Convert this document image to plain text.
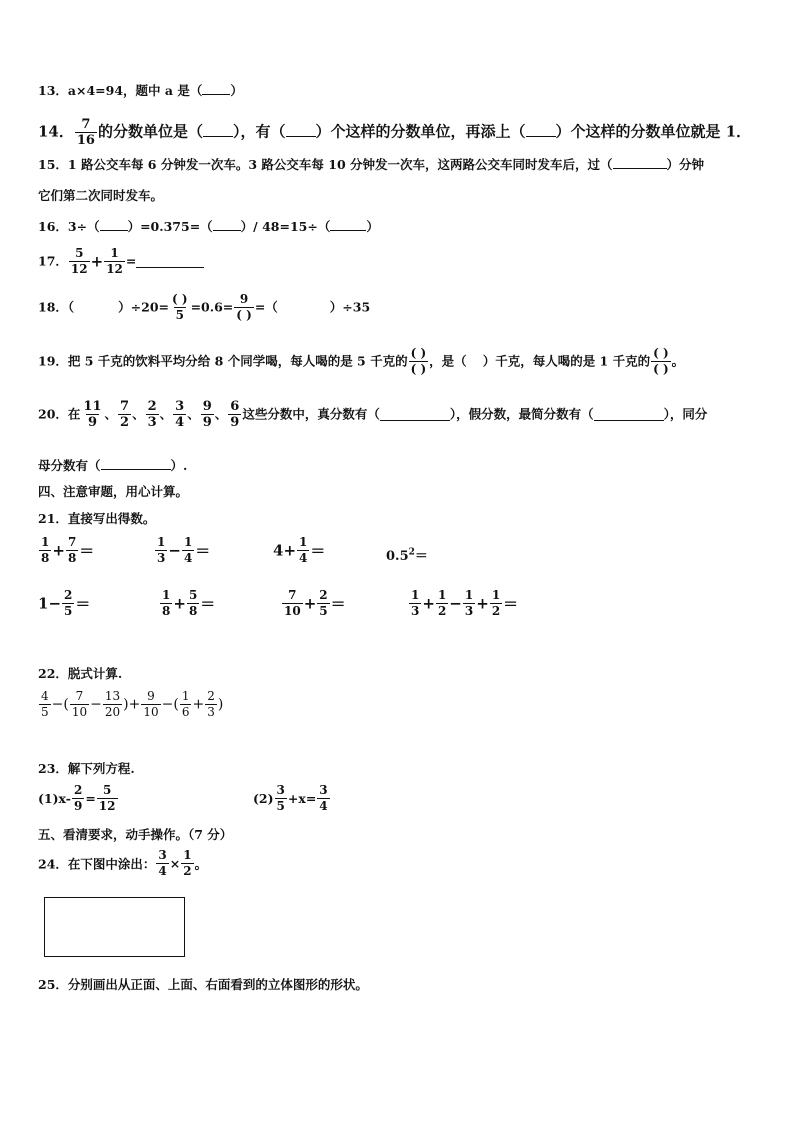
13．a×4=94，题中 a 是（ ）
14． $\frac{7}{16}$ 的分数单位是（ ），有（ ）个这样的分数单位，再添上（ ）个这样的分数单位就是 1．
15．1 路公交车每 6 分钟发一次车。3 路公交车每 10 分钟发一次车，这两路公交车同时发车后，过（	）分钟
它们第二次同时发车。
16．3÷（ ）=0.375=（ ）/ 48=15÷（	）
17． $\frac{5}{12} + \frac{1}{12}$ =
18．（	）÷20=
( )
5
=0.6=
9
( )
=（	）÷35
19．把 5 千克的饮料平均分给 8 个同学喝，每人喝的是 5 千克的
( )
( )
，是（ ）千克，每人喝的是 1 千克的
( )
( )
。
20．在 $\frac{11}{9}$ 、 $\frac{7}{2}$ 、 $\frac{2}{3}$ 、 $\frac{3}{4}$ 、 $\frac{9}{9}$ 、 $\frac{6}{9}$ 这些分数中，真分数有（	），假分数，最简分数有（	），同分
母分数有（	）.
四、注意审题，用心计算。
21．直接写出得数。
$\frac{1}{8} + \frac{7}{8}$ ＝	$\frac{1}{3} - \frac{1}{4}$ ＝	$4+ \frac{1}{4}$ ＝	$0.5^2=$
$1- \frac{2}{5}$ ＝	$\frac{1}{8} + \frac{5}{8}$ ＝	$\frac{7}{10} + \frac{2}{5}$ ＝	$\frac{1}{3} + \frac{1}{2} - \frac{1}{3} + \frac{1}{2}$ ＝
22．脱式计算.
$\frac{4}{5}$ −( $\frac{7}{10} - \frac{13}{20}$ )+ $\frac{9}{10}$ −( $\frac{1}{6} + \frac{2}{3}$ )
23．解下列方程.
$(1)x- \frac{2}{9} = \frac{5}{12}$	$(2) \frac{3}{5} +x= \frac{3}{4}$
五、看清要求，动手操作。（7 分）
24．在下图中涂出： $\frac{3}{4} \times \frac{1}{2}$ 。
25．分别画出从正面、上面、右面看到的立体图形的形状。
